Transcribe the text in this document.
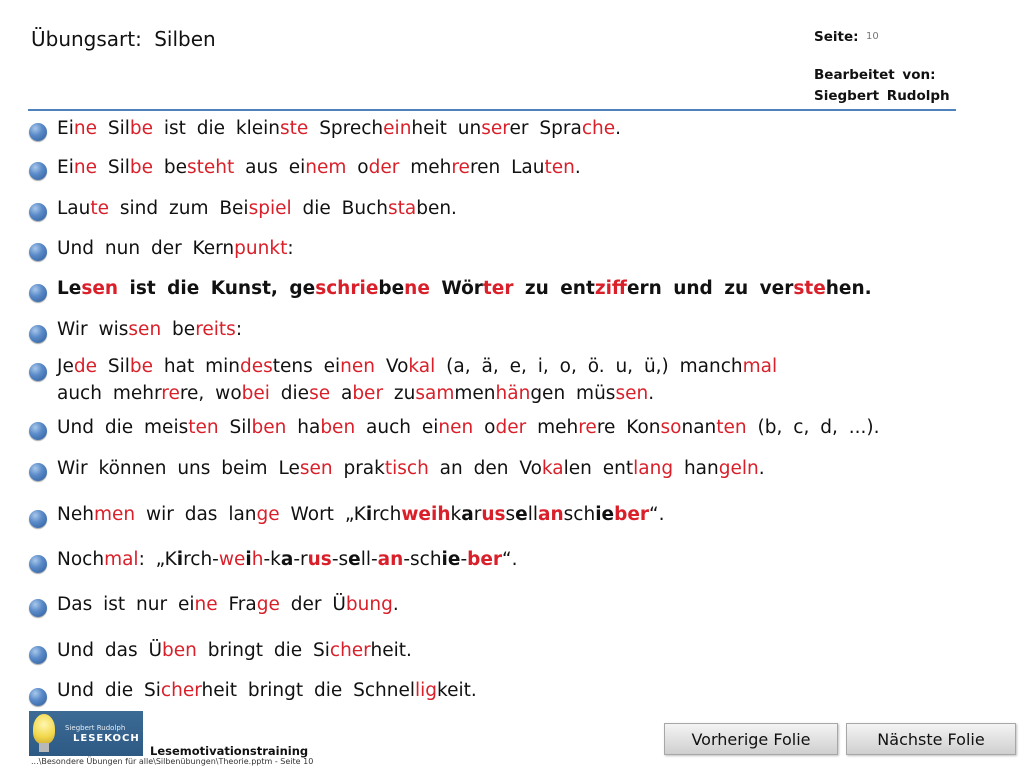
Übungsart: Silben	Seite: 10
Bearbeitet von:
Siegbert Rudolph
Eine Silbe ist die kleinste Sprecheinheit unserer Sprache.
Eine Silbe besteht aus einem oder mehreren Lauten.
Laute sind zum Beispiel die Buchstaben.
Und nun der Kernpunkt:
Lesen ist die Kunst, geschriebene Wörter zu entziffern und zu verstehen.
Wir wissen bereits:
Jede Silbe hat mindestens einen Vokal (a, ä, e, i, o, ö. u, ü,) manchmal
auch mehrrere, wobei diese aber zusammenhängen müssen.
Und die meisten Silben haben auch einen oder mehrere Konsonanten (b, c, d, ...).
Wir können uns beim Lesen praktisch an den Vokalen entlang hangeln.
Nehmen wir das lange Wort „Kirchweihkarussellanschieber“.
Nochmal: „Kirch-weih-ka-rus-sell-an-schie-ber“.
Das ist nur eine Frage der Übung.
Und das Üben bringt die Sicherheit.
Und die Sicherheit bringt die Schnelligkeit.
Siegbert Rudolph
LESEKOCH
Lesemotivationstraining
...\Besondere Übungen für alle\Silbenübungen\Theorie.pptm - Seite 10
Vorherige Folie	Nächste Folie
